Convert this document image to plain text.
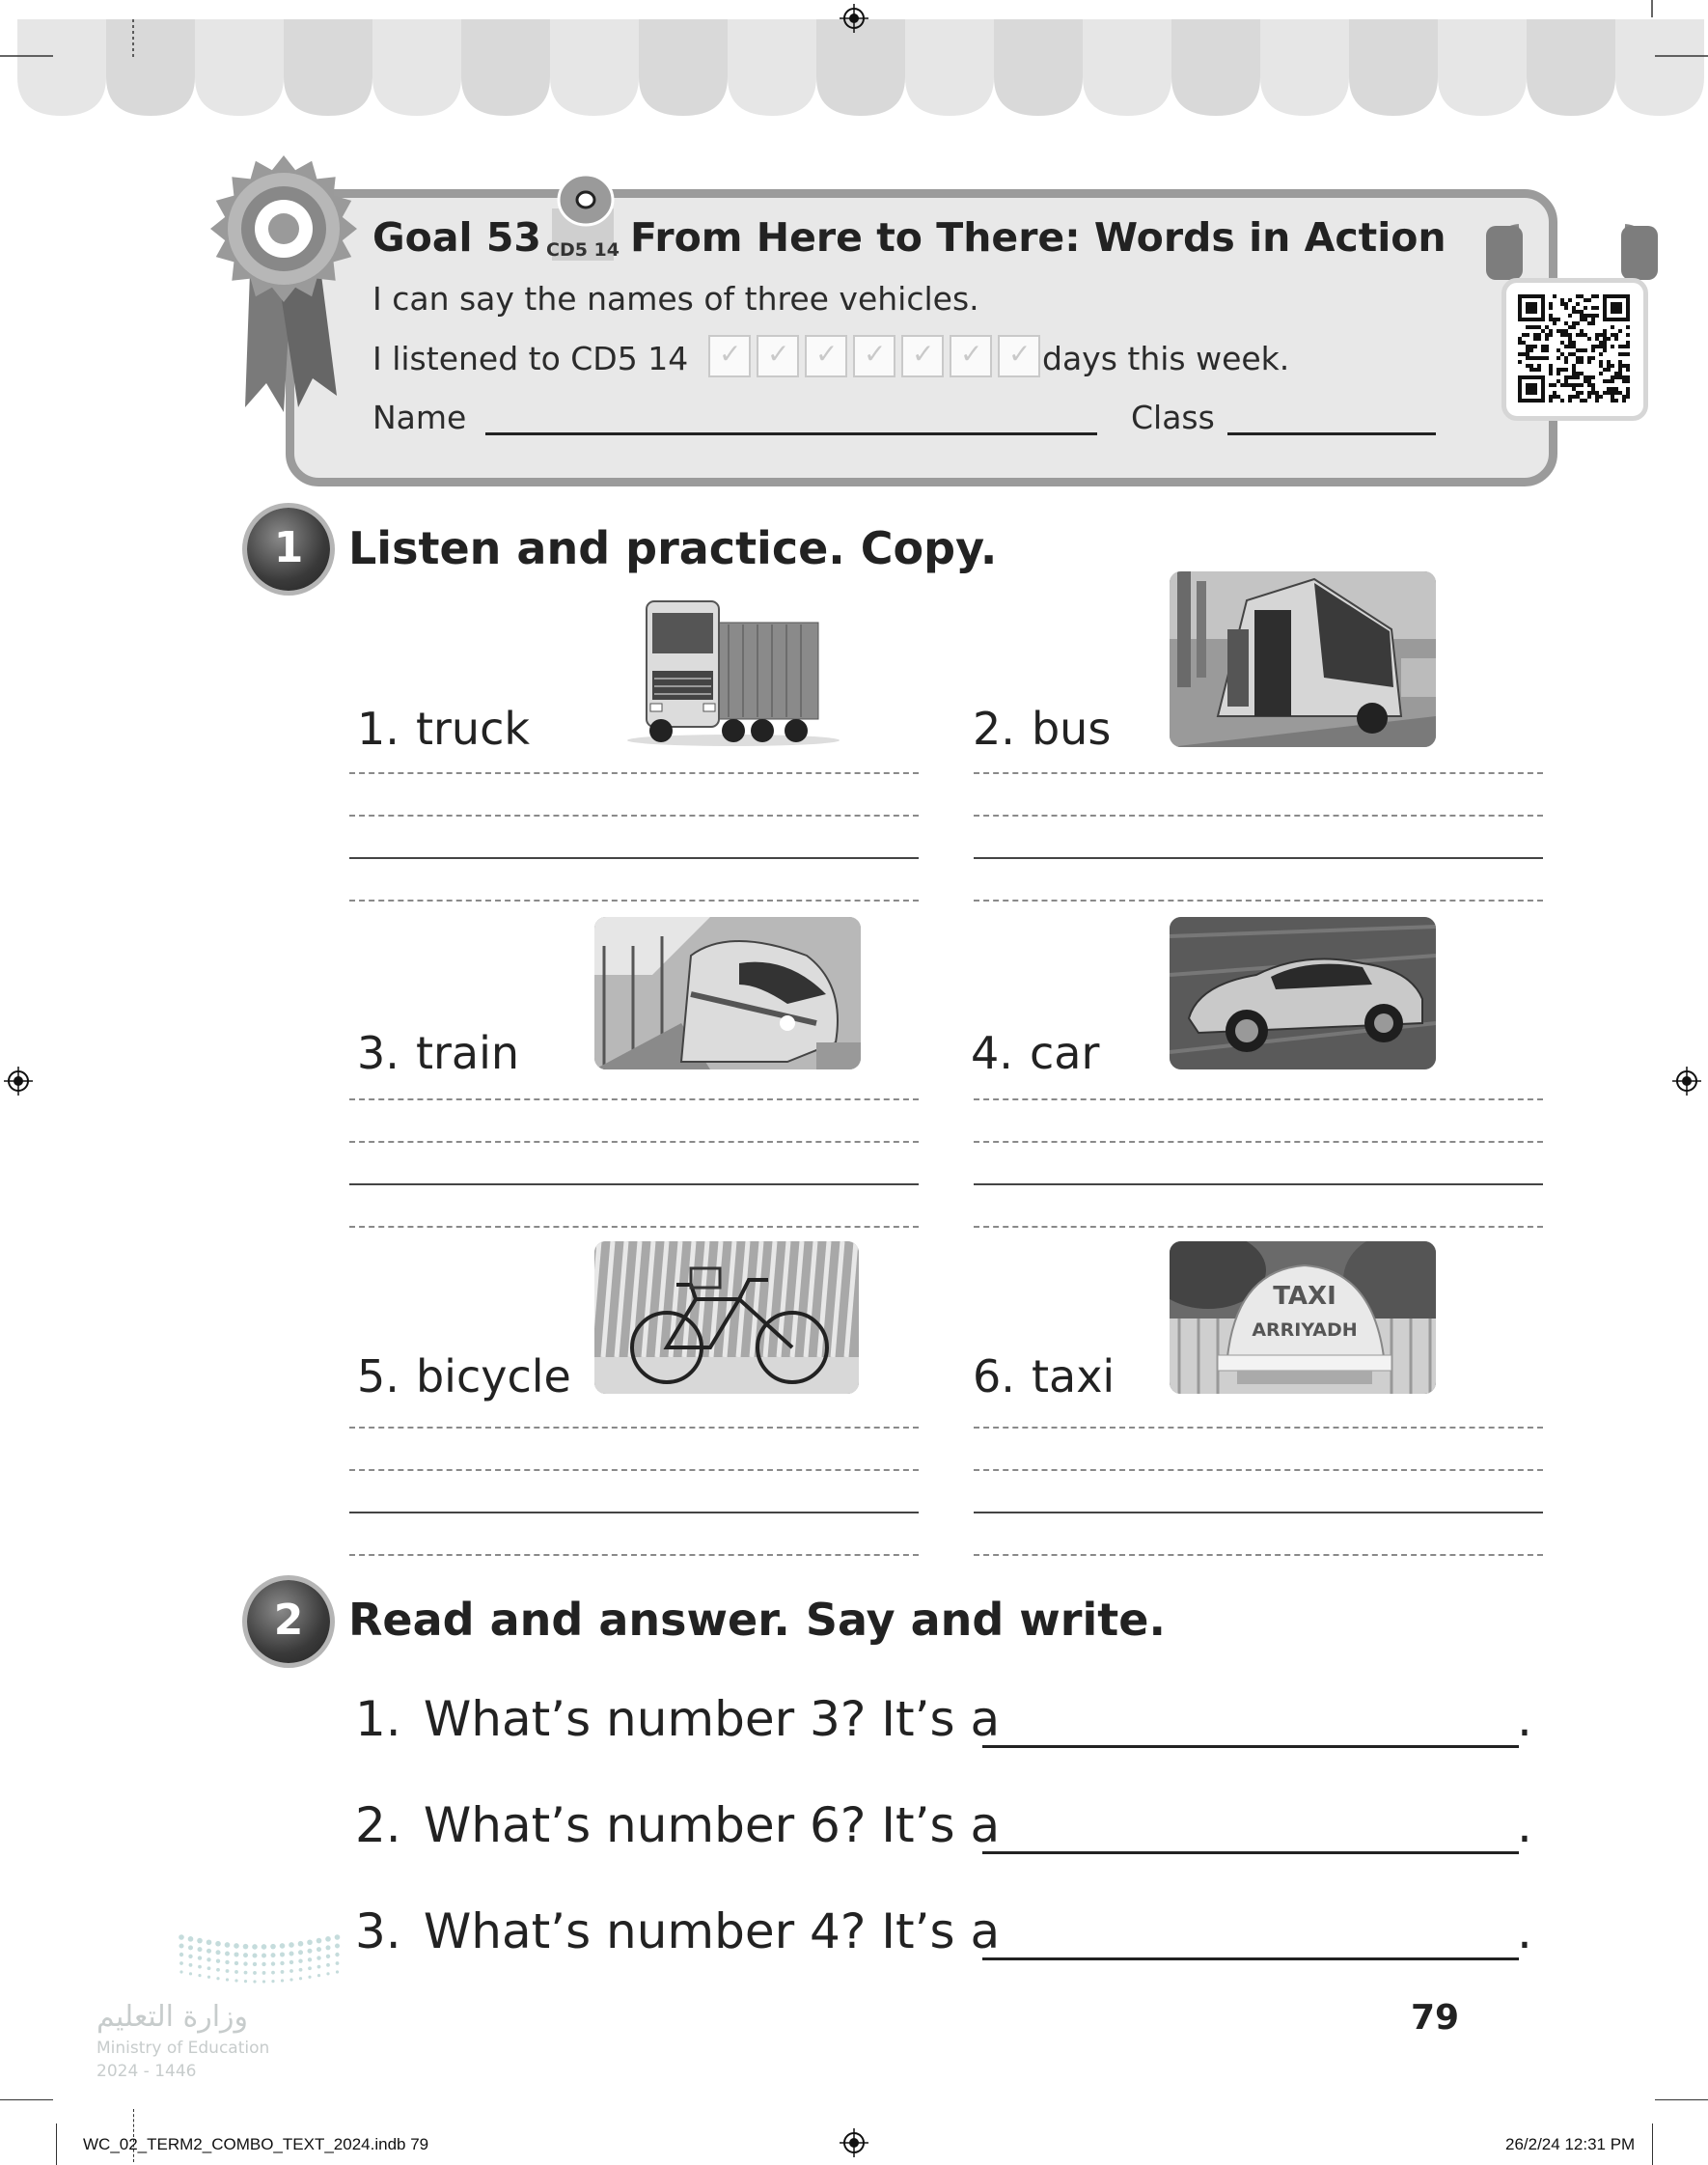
Goal 53 CD5 14 From Here to There: Words in Action
I can say the names of three vehicles.
I listened to CD5 14 ✓ ✓ ✓ ✓ ✓ ✓ ✓	days this week.
Name	Class
1	Listen and practice. Copy.
1. truck	2. bus
3. train	4. car
5. bicycle	6. taxi
TAXI
ARRIYADH
2	Read and answer. Say and write.
1. What’s number 3? It’s a	.
2. What’s number 6? It’s a	.
3. What’s number 4? It’s a	.
وزارة التعليم
Ministry of Education
2024 - 1446
79
WC_02_TERM2_COMBO_TEXT_2024.indb 79	26/2/24 12:31 PM
